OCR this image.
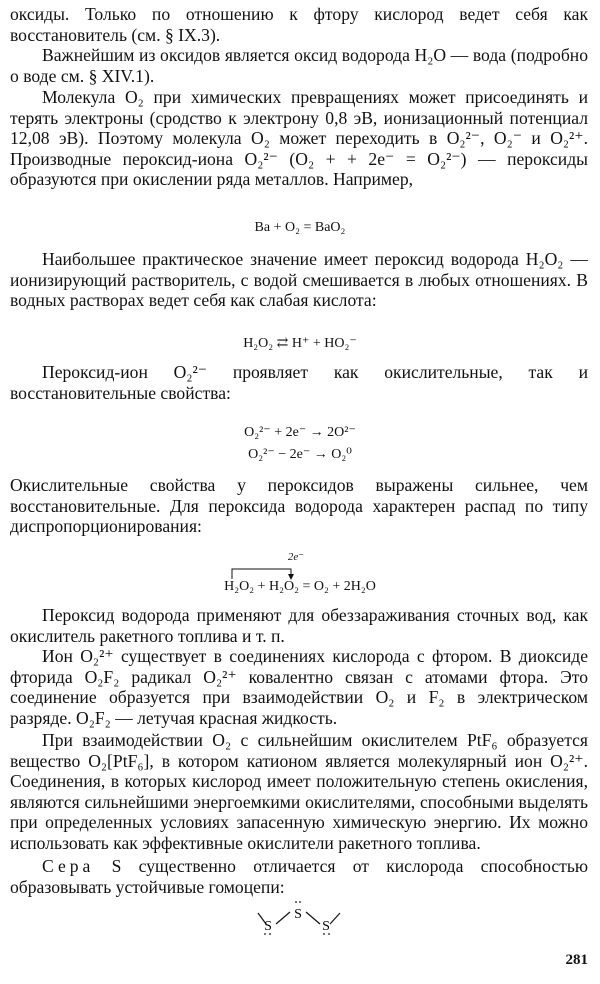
оксиды. Только по отношению к фтору кислород ведет себя как восстановитель (см. § IX.3).

Важнейшим из оксидов является оксид водорода H₂O — вода (подробно о воде см. § XIV.1).

Молекула O₂ при химических превращениях может присоединять и терять электроны (сродство к электрону 0,8 эВ, ионизационный потенциал 12,08 эВ). Поэтому молекула O₂ может переходить в O₂²⁻, O₂⁻ и O₂²⁺. Производные пероксид-иона O₂²⁻ (O₂ + + 2e⁻ = O₂²⁻) — пероксиды образуются при окислении ряда металлов. Например,

Ba + O₂ = BaO₂

Наибольшее практическое значение имеет пероксид водорода H₂O₂ — ионизирующий растворитель, с водой смешивается в любых отношениях. В водных растворах ведет себя как слабая кислота:

H₂O₂ ⇄ H⁺ + HO₂⁻

Пероксид-ион O₂²⁻ проявляет как окислительные, так и восстановительные свойства:

O₂²⁻ + 2e⁻ → 2O²⁻
O₂²⁻ − 2e⁻ → O₂⁰

Окислительные свойства у пероксидов выражены сильнее, чем восстановительные. Для пероксида водорода характерен распад по типу диспропорционирования:

2e⁻
H₂O₂ + H₂O₂ = O₂ + 2H₂O

Пероксид водорода применяют для обеззараживания сточных вод, как окислитель ракетного топлива и т. п.

Ион O₂²⁺ существует в соединениях кислорода с фтором. В диоксиде фторида O₂F₂ радикал O₂²⁺ ковалентно связан с атомами фтора. Это соединение образуется при взаимодействии O₂ и F₂ в электрическом разряде. O₂F₂ — летучая красная жидкость.

При взаимодействии O₂ с сильнейшим окислителем PtF₆ образуется вещество O₂[PtF₆], в котором катионом является молекулярный ион O₂²⁺. Соединения, в которых кислород имеет положительную степень окисления, являются сильнейшими энергоемкими окислителями, способными выделять при определенных условиях запасенную химическую энергию. Их можно использовать как эффективные окислители ракетного топлива.

Сера S существенно отличается от кислорода способностью образовывать устойчивые гомоцепи:

S
S
S
281
